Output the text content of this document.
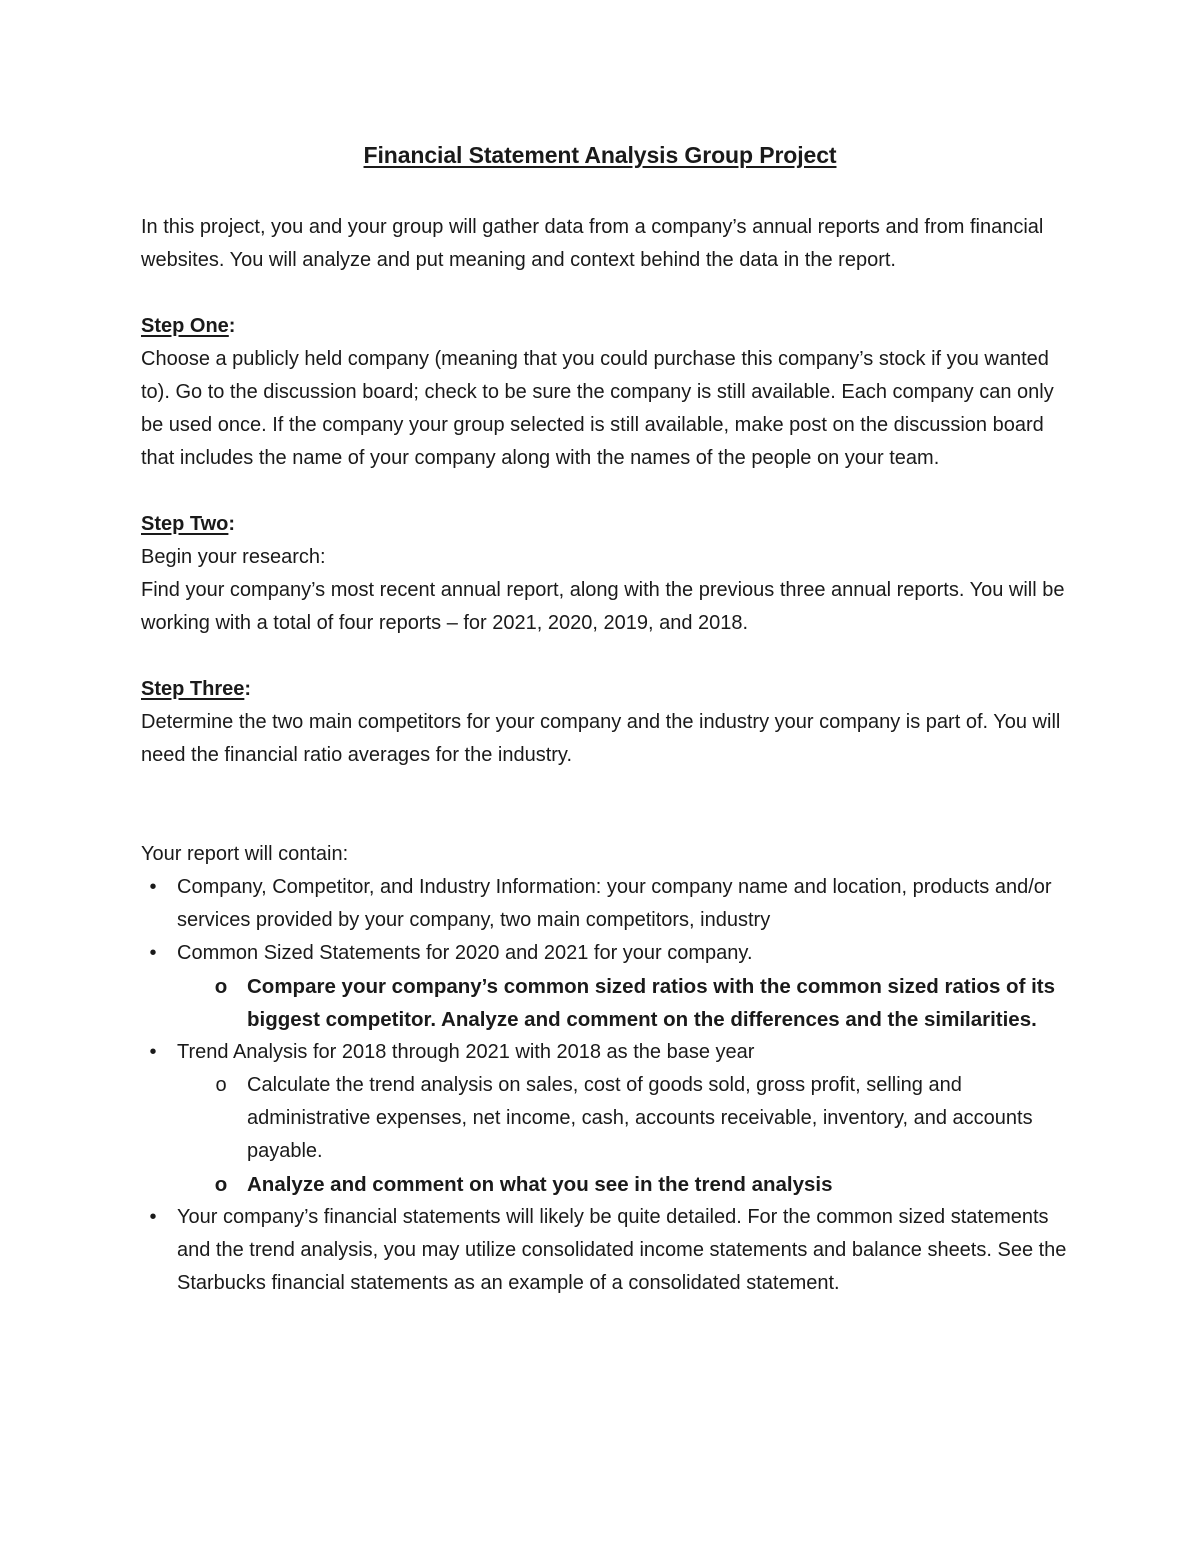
Financial Statement Analysis Group Project

In this project, you and your group will gather data from a company’s annual reports and from financial websites. You will analyze and put meaning and context behind the data in the report.

Step One:

Choose a publicly held company (meaning that you could purchase this company’s stock if you wanted to). Go to the discussion board; check to be sure the company is still available. Each company can only be used once. If the company your group selected is still available, make post on the discussion board that includes the name of your company along with the names of the people on your team.

Step Two:

Begin your research:

Find your company’s most recent annual report, along with the previous three annual reports. You will be working with a total of four reports – for 2021, 2020, 2019, and 2018.

Step Three:

Determine the two main competitors for your company and the industry your company is part of. You will need the financial ratio averages for the industry.

Your report will contain:

•	Company, Competitor, and Industry Information: your company name and location, products and/or services provided by your company, two main competitors, industry
•	Common Sized Statements for 2020 and 2021 for your company.
o Compare your company’s common sized ratios with the common sized ratios of its biggest competitor. Analyze and comment on the differences and the similarities.
•	Trend Analysis for 2018 through 2021 with 2018 as the base year
o Calculate the trend analysis on sales, cost of goods sold, gross profit, selling and administrative expenses, net income, cash, accounts receivable, inventory, and accounts payable.
o Analyze and comment on what you see in the trend analysis
•	Your company’s financial statements will likely be quite detailed. For the common sized statements and the trend analysis, you may utilize consolidated income statements and balance sheets. See the Starbucks financial statements as an example of a consolidated statement.
